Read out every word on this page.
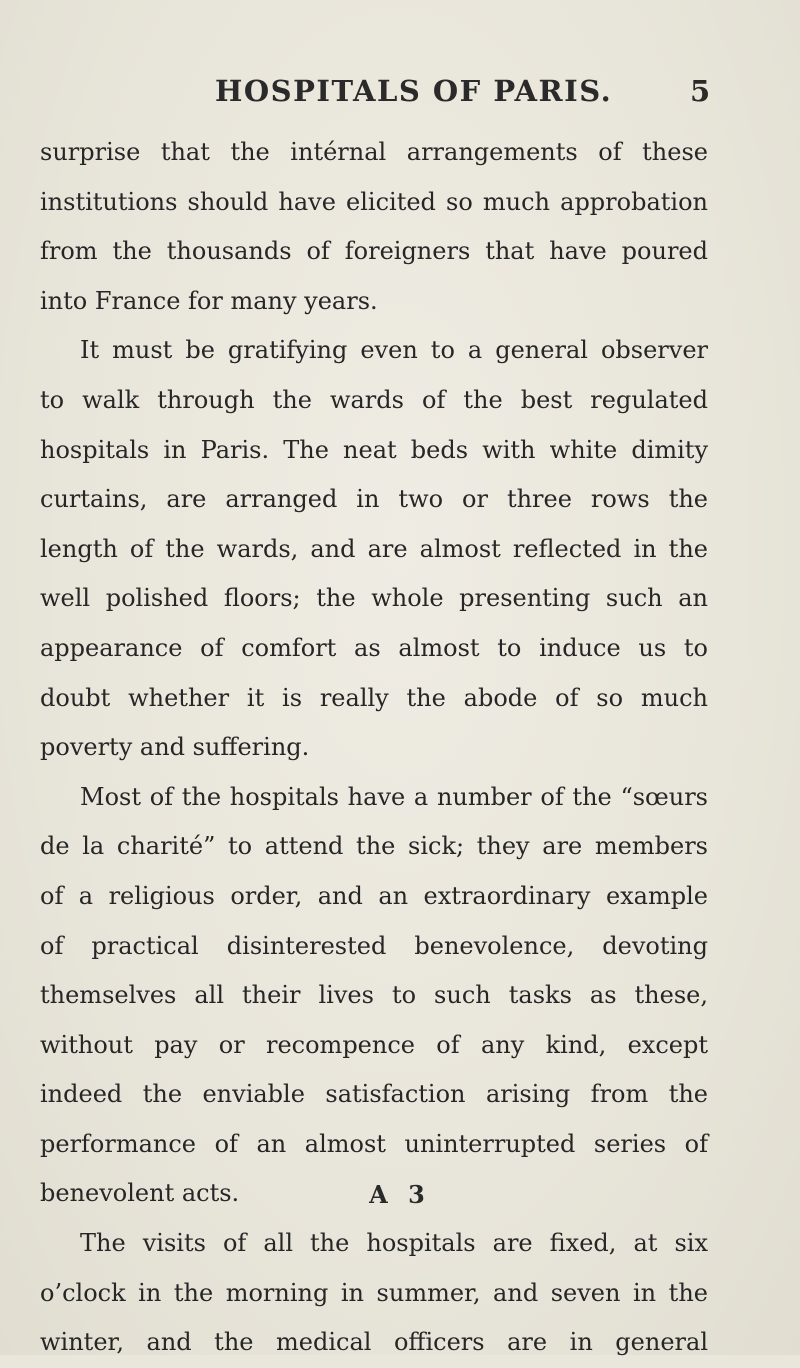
HOSPITALS OF PARIS.	5
surprise that the intérnal arrangements of these
institutions should have elicited so much approbation
from the thousands of foreigners that have poured
into France for many years.
It must be gratifying even to a general observer
to walk through the wards of the best regulated
hospitals in Paris. The neat beds with white dimity
curtains, are arranged in two or three rows the
length of the wards, and are almost reflected in the
well polished floors; the whole presenting such an
appearance of comfort as almost to induce us to
doubt whether it is really the abode of so much
poverty and suffering.
Most of the hospitals have a number of the “sœurs
de la charité” to attend the sick; they are members
of a religious order, and an extraordinary example
of practical disinterested benevolence, devoting
themselves all their lives to such tasks as these,
without pay or recompence of any kind, except
indeed the enviable satisfaction arising from the
performance of an almost uninterrupted series of
benevolent acts.
The visits of all the hospitals are fixed, at six
o’clock in the morning in summer, and seven in the
winter, and the medical officers are in general
A 3
